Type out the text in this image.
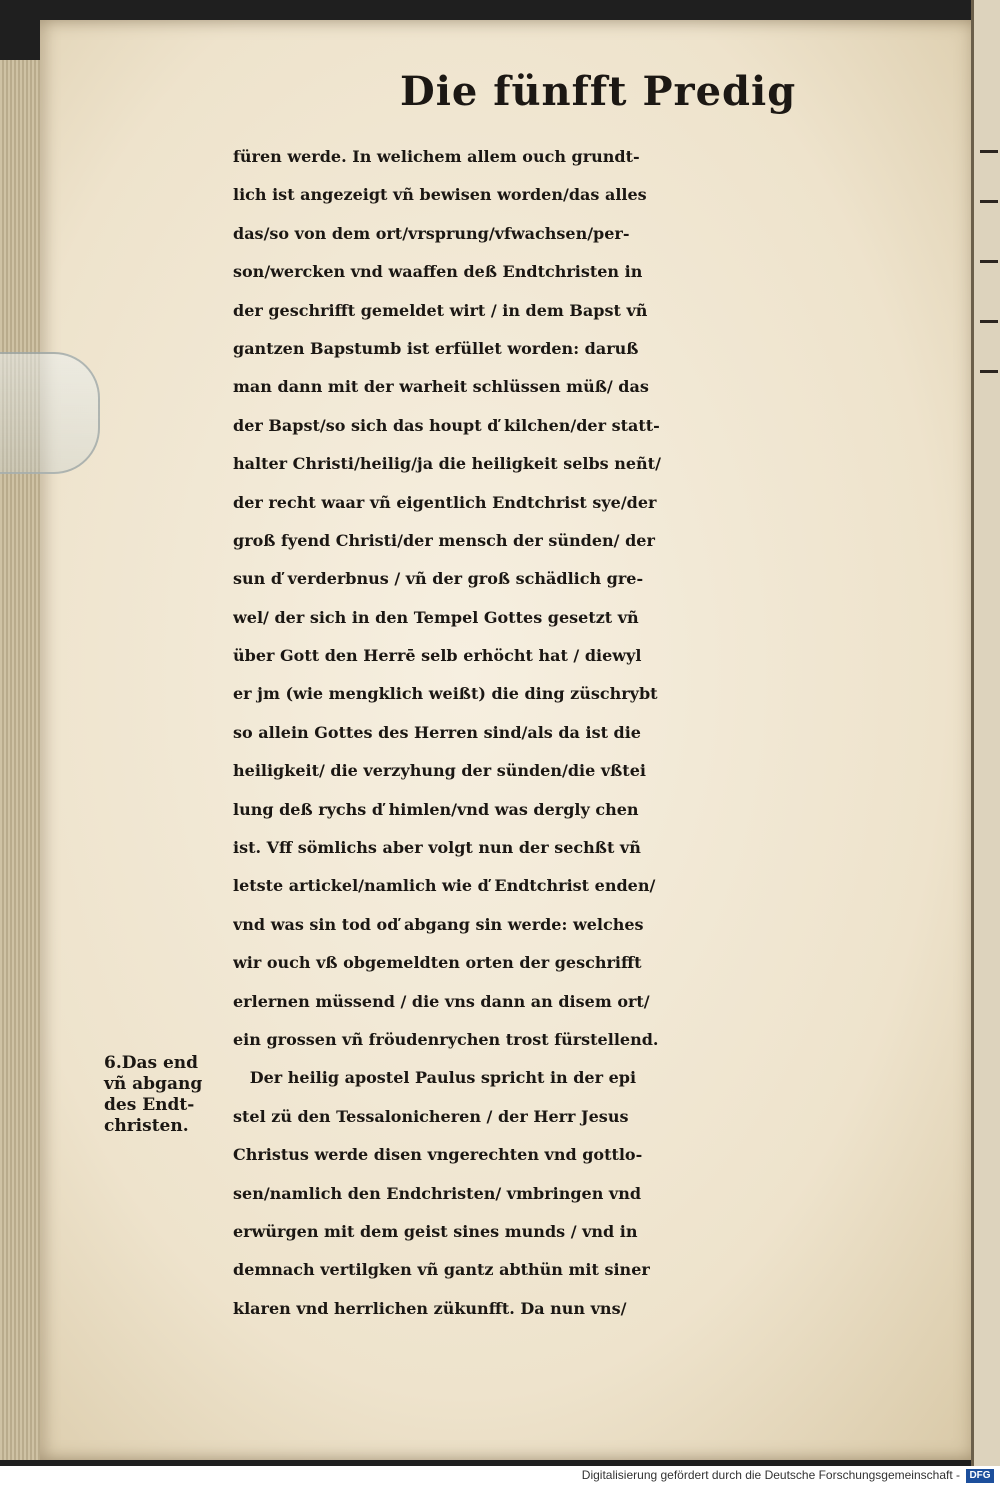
Die fünfft Predig
füren werde. In welichem allem ouch grundt-
lich ist angezeigt vñ bewisen worden/das alles
das/so von dem ort/vrsprung/vfwachsen/per-
son/wercken vnd waaffen deß Endtchristen in
der geschrifft gemeldet wirt / in dem Bapst vñ
gantzen Bapstumb ist erfüllet worden: daruß
man dann mit der warheit schlüssen müß/ das
der Bapst/so sich das houpt ď kilchen/der statt-
halter Christi/heilig/ja die heiligkeit selbs neñt/
der recht waar vñ eigentlich Endtchrist sye/der
groß fyend Christi/der mensch der sünden/ der
sun ď verderbnus / vñ der groß schädlich gre-
wel/ der sich in den Tempel Gottes gesetzt vñ
über Gott den Herrē selb erhöcht hat / diewyl
er jm (wie mengklich weißt) die ding züschrybt
so allein Gottes des Herren sind/als da ist die
heiligkeit/ die verzyhung der sünden/die vßtei
lung deß rychs ď himlen/vnd was dergly chen
ist. Vff sömlichs aber volgt nun der sechßt vñ
letste artickel/namlich wie ď Endtchrist enden/
vnd was sin tod oď abgang sin werde: welches
wir ouch vß obgemeldten orten der geschrifft
erlernen müssend / die vns dann an disem ort/
ein grossen vñ fröudenrychen trost fürstellend.
Der heilig apostel Paulus spricht in der epi
stel zü den Tessalonicheren / der Herr Jesus
Christus werde disen vngerechten vnd gottlo-
sen/namlich den Endchristen/ vmbringen vnd
erwürgen mit dem geist sines munds / vnd in
demnach vertilgken vñ gantz abthün mit siner
klaren vnd herrlichen zükunfft. Da nun vns/
6.Das end
vñ abgang
des Endt-
christen.
Digitalisierung gefördert durch die Deutsche Forschungsgemeinschaft - DFG
